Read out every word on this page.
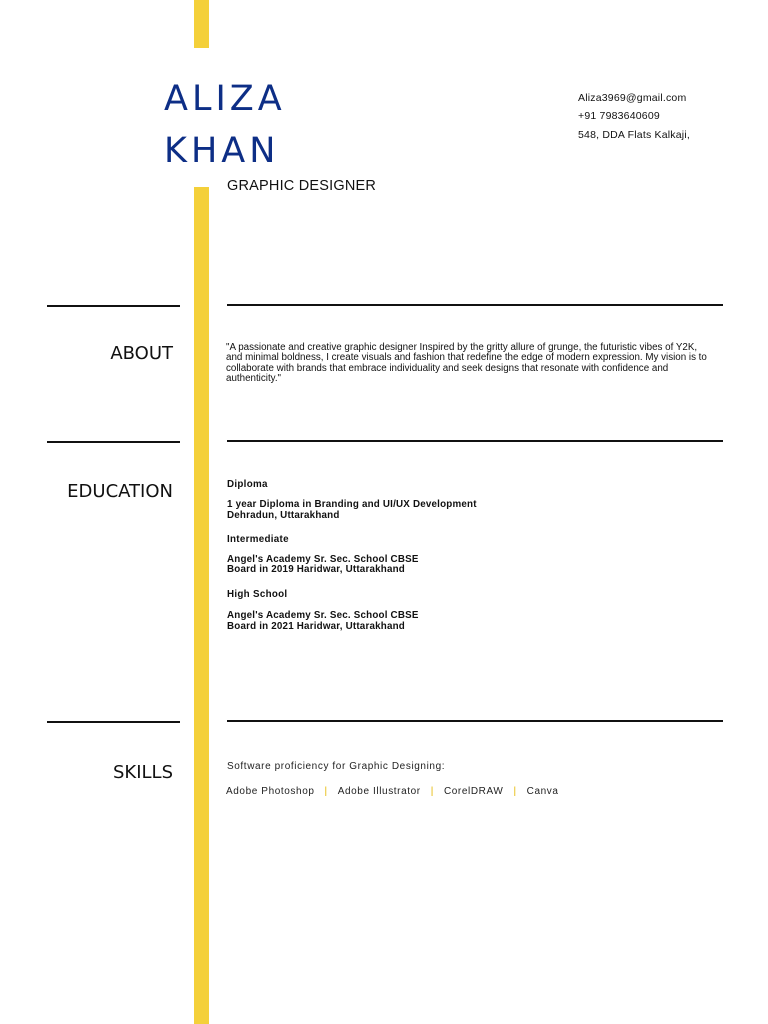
ALIZA
KHAN
GRAPHIC DESIGNER
Aliza3969@gmail.com
+91 7983640609
548, DDA Flats Kalkaji,
ABOUT	"A passionate and creative graphic designer Inspired by the gritty allure of grunge, the futuristic vibes of Y2K, and minimal boldness, I create visuals and fashion that redefine the edge of modern expression. My vision is to collaborate with brands that embrace individuality and seek designs that resonate with confidence and authenticity."
EDUCATION	Diploma
1 year Diploma in Branding and UI/UX Development
Dehradun, Uttarakhand
Intermediate
Angel's Academy Sr. Sec. School CBSE
Board in 2019 Haridwar, Uttarakhand
High School
Angel's Academy Sr. Sec. School CBSE
Board in 2021 Haridwar, Uttarakhand
SKILLS	Software proficiency for Graphic Designing:
Adobe Photoshop | Adobe Illustrator | CorelDRAW | Canva
